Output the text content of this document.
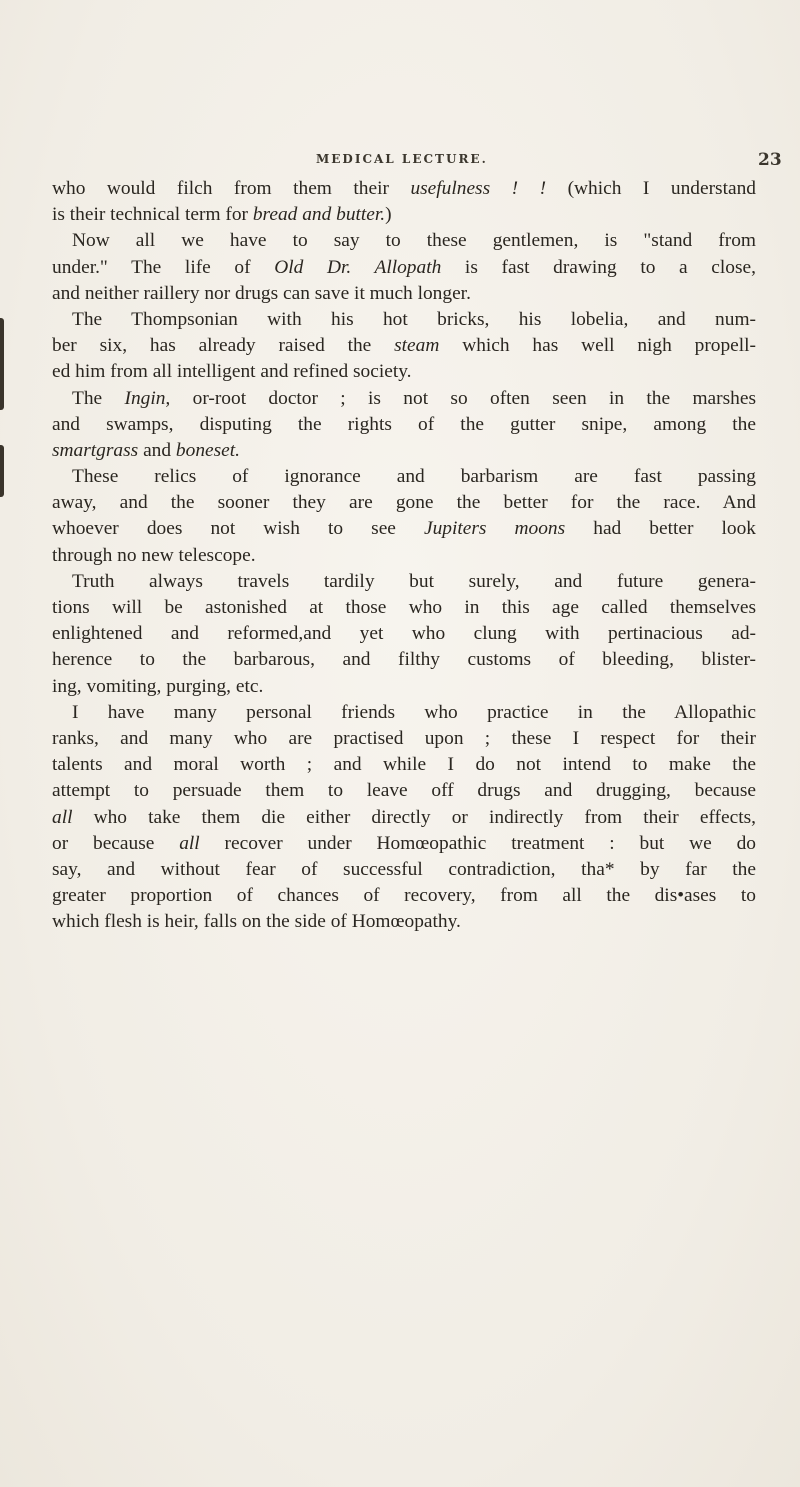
MEDICAL LECTURE.	23
who would filch from them their usefulness ! ! (which I understand
is their technical term for bread and butter.)
Now all we have to say to these gentlemen, is "stand from
under." The life of Old Dr. Allopath is fast drawing to a close,
and neither raillery nor drugs can save it much longer.
The Thompsonian with his hot bricks, his lobelia, and num-
ber six, has already raised the steam which has well nigh propell-
ed him from all intelligent and refined society.
The Ingin, or-root doctor ; is not so often seen in the marshes
and swamps, disputing the rights of the gutter snipe, among the
smartgrass and boneset.
These relics of ignorance and barbarism are fast passing
away, and the sooner they are gone the better for the race. And
whoever does not wish to see Jupiters moons had better look
through no new telescope.
Truth always travels tardily but surely, and future genera-
tions will be astonished at those who in this age called themselves
enlightened and reformed,and yet who clung with pertinacious ad-
herence to the barbarous, and filthy customs of bleeding, blister-
ing, vomiting, purging, etc.
I have many personal friends who practice in the Allopathic
ranks, and many who are practised upon ; these I respect for their
talents and moral worth ; and while I do not intend to make the
attempt to persuade them to leave off drugs and drugging, because
all who take them die either directly or indirectly from their effects,
or because all recover under Homœopathic treatment : but we do
say, and without fear of successful contradiction, tha* by far the
greater proportion of chances of recovery, from all the dis•ases to
which flesh is heir, falls on the side of Homœopathy.
